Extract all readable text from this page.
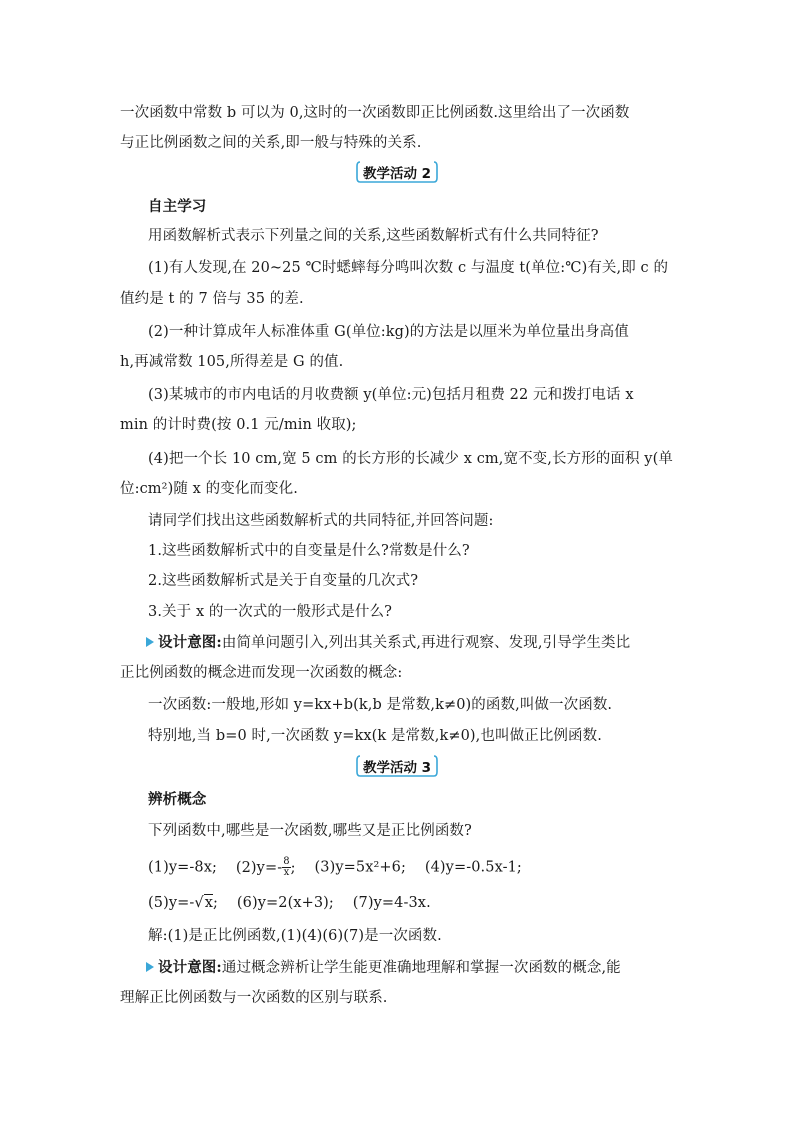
一次函数中常数 b 可以为 0,这时的一次函数即正比例函数.这里给出了一次函数
与正比例函数之间的关系,即一般与特殊的关系.
教学活动 2
自主学习
用函数解析式表示下列量之间的关系,这些函数解析式有什么共同特征?
(1)有人发现,在 20~25 ℃时蟋蟀每分鸣叫次数 c 与温度 t(单位:℃)有关,即 c 的
值约是 t 的 7 倍与 35 的差.
(2)一种计算成年人标准体重 G(单位:kg)的方法是以厘米为单位量出身高值
h,再减常数 105,所得差是 G 的值.
(3)某城市的市内电话的月收费额 y(单位:元)包括月租费 22 元和拨打电话 x
min 的计时费(按 0.1 元/min 收取);
(4)把一个长 10 cm,宽 5 cm 的长方形的长减少 x cm,宽不变,长方形的面积 y(单
位:cm²)随 x 的变化而变化.
请同学们找出这些函数解析式的共同特征,并回答问题:
1.这些函数解析式中的自变量是什么?常数是什么?
2.这些函数解析式是关于自变量的几次式?
3.关于 x 的一次式的一般形式是什么?
设计意图:由简单问题引入,列出其关系式,再进行观察、发现,引导学生类比
正比例函数的概念进而发现一次函数的概念:
一次函数:一般地,形如 y=kx+b(k,b 是常数,k≠0)的函数,叫做一次函数.
特别地,当 b=0 时,一次函数 y=kx(k 是常数,k≠0),也叫做正比例函数.
教学活动 3
辨析概念
下列函数中,哪些是一次函数,哪些又是正比例函数?
(1)y=-8x; $(2)y=- \frac{8}{x}$ ; (3)y=5x²+6; (4)y=-0.5x-1;
(5)y=-√x; (6)y=2(x+3); (7)y=4-3x.
解:(1)是正比例函数,(1)(4)(6)(7)是一次函数.
设计意图:通过概念辨析让学生能更准确地理解和掌握一次函数的概念,能
理解正比例函数与一次函数的区别与联系.
